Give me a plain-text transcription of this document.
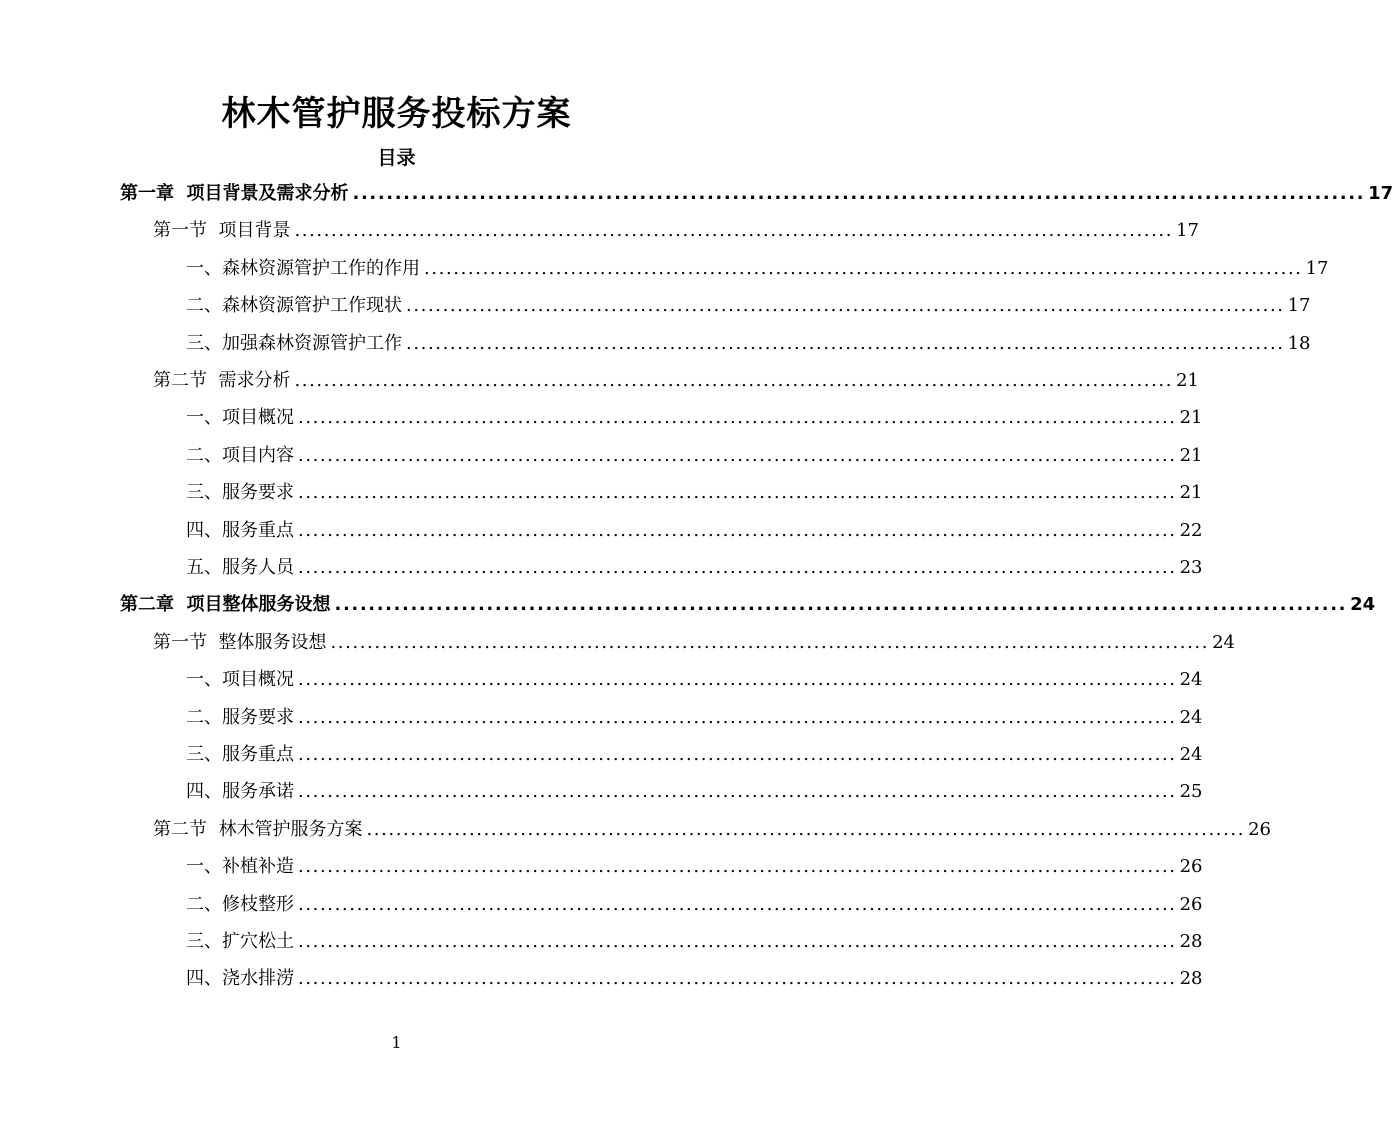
林木管护服务投标方案
目录
第一章  项目背景及需求分析 ........................................................................................................................ 17
第一节  项目背景 ........................................................................................................................ 17
一、森林资源管护工作的作用 ........................................................................................................................ 17
二、森林资源管护工作现状 ........................................................................................................................ 17
三、加强森林资源管护工作 ........................................................................................................................ 18
第二节  需求分析 ........................................................................................................................ 21
一、项目概况 ........................................................................................................................ 21
二、项目内容 ........................................................................................................................ 21
三、服务要求 ........................................................................................................................ 21
四、服务重点 ........................................................................................................................ 22
五、服务人员 ........................................................................................................................ 23
第二章  项目整体服务设想 ........................................................................................................................ 24
第一节  整体服务设想 ........................................................................................................................ 24
一、项目概况 ........................................................................................................................ 24
二、服务要求 ........................................................................................................................ 24
三、服务重点 ........................................................................................................................ 24
四、服务承诺 ........................................................................................................................ 25
第二节  林木管护服务方案 ........................................................................................................................ 26
一、补植补造 ........................................................................................................................ 26
二、修枝整形 ........................................................................................................................ 26
三、扩穴松土 ........................................................................................................................ 28
四、浇水排涝 ........................................................................................................................ 28
1
